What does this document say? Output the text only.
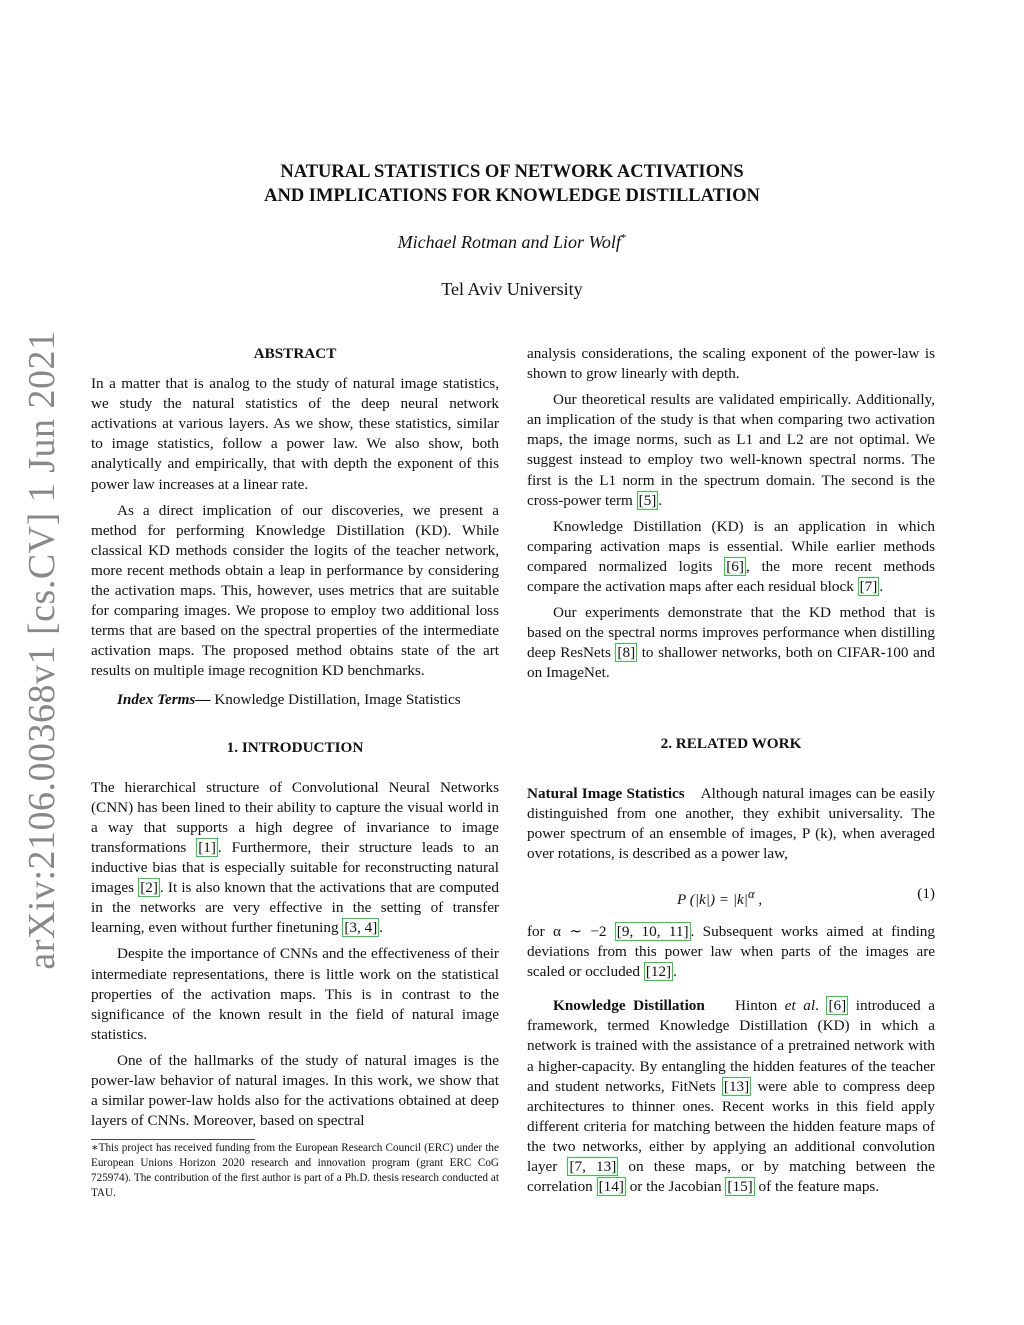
arXiv:2106.00368v1 [cs.CV] 1 Jun 2021
NATURAL STATISTICS OF NETWORK ACTIVATIONS
AND IMPLICATIONS FOR KNOWLEDGE DISTILLATION
Michael Rotman and Lior Wolf*
Tel Aviv University
ABSTRACT

In a matter that is analog to the study of natural image statistics, we study the natural statistics of the deep neural network activations at various layers. As we show, these statistics, similar to image statistics, follow a power law. We also show, both analytically and empirically, that with depth the exponent of this power law increases at a linear rate.

As a direct implication of our discoveries, we present a method for performing Knowledge Distillation (KD). While classical KD methods consider the logits of the teacher network, more recent methods obtain a leap in performance by considering the activation maps. This, however, uses metrics that are suitable for comparing images. We propose to employ two additional loss terms that are based on the spectral properties of the intermediate activation maps. The proposed method obtains state of the art results on multiple image recognition KD benchmarks.

Index Terms— Knowledge Distillation, Image Statistics

1. INTRODUCTION

The hierarchical structure of Convolutional Neural Networks (CNN) has been lined to their ability to capture the visual world in a way that supports a high degree of invariance to image transformations [1] . Furthermore, their structure leads to an inductive bias that is especially suitable for reconstructing natural images [2] . It is also known that the activations that are computed in the networks are very effective in the setting of transfer learning, even without further finetuning [3, 4] .

Despite the importance of CNNs and the effectiveness of their intermediate representations, there is little work on the statistical properties of the activation maps. This is in contrast to the significance of the known result in the field of natural image statistics.

One of the hallmarks of the study of natural images is the power-law behavior of natural images. In this work, we show that a similar power-law holds also for the activations obtained at deep layers of CNNs. Moreover, based on spectral

∗This project has received funding from the European Research Council (ERC) under the European Unions Horizon 2020 research and innovation program (grant ERC CoG 725974). The contribution of the first author is part of a Ph.D. thesis research conducted at TAU.

analysis considerations, the scaling exponent of the power-law is shown to grow linearly with depth.

Our theoretical results are validated empirically. Additionally, an implication of the study is that when comparing two activation maps, the image norms, such as L1 and L2 are not optimal. We suggest instead to employ two well-known spectral norms. The first is the L1 norm in the spectrum domain. The second is the cross-power term [5] .

Knowledge Distillation (KD) is an application in which comparing activation maps is essential. While earlier methods compared normalized logits [6] , the more recent methods compare the activation maps after each residual block [7] .

Our experiments demonstrate that the KD method that is based on the spectral norms improves performance when distilling deep ResNets [8] to shallower networks, both on CIFAR-100 and on ImageNet.

2. RELATED WORK

Natural Image Statistics Although natural images can be easily distinguished from one another, they exhibit universality. The power spectrum of an ensemble of images, P (k), when averaged over rotations, is described as a power law,

P $(|k|) = |k|^\alpha$ ,	(1)

for α ∼ −2 [9, 10, 11] . Subsequent works aimed at finding deviations from this power law when parts of the images are scaled or occluded [12] .

Knowledge Distillation Hinton et al. [6] introduced a framework, termed Knowledge Distillation (KD) in which a network is trained with the assistance of a pretrained network with a higher-capacity. By entangling the hidden features of the teacher and student networks, FitNets [13] were able to compress deep architectures to thinner ones. Recent works in this field apply different criteria for matching between the hidden feature maps of the two networks, either by applying an additional convolution layer [7, 13] on these maps, or by matching between the correlation [14] or the Jacobian [15] of the feature maps.
